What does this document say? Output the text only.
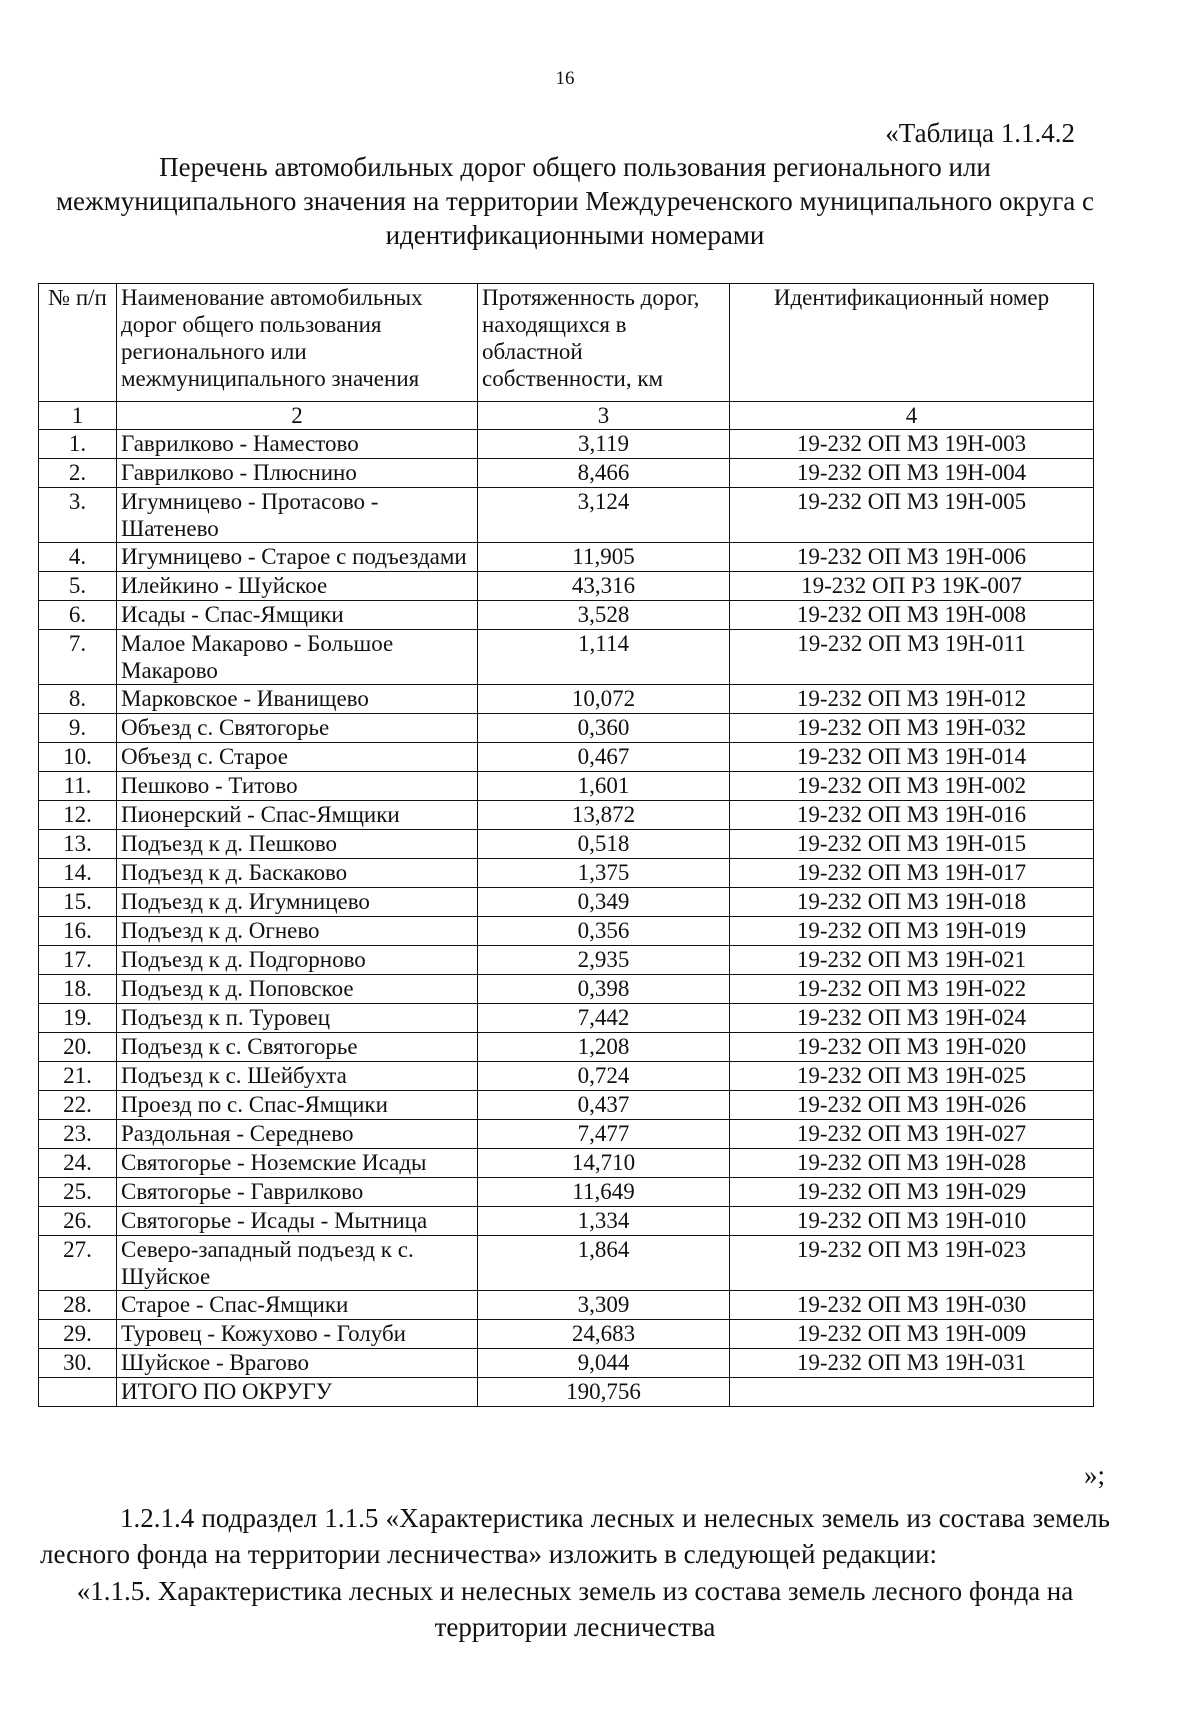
16
«Таблица 1.1.4.2
Перечень автомобильных дорог общего пользования регионального или межмуниципального значения на территории Междуреченского муниципального округа с идентификационными номерами
№ п/п	Наименование автомобильных дорог общего пользования регионального или межмуниципального значения	Протяженность дорог, находящихся в областной собственности, км	Идентификационный номер
1	2	3	4
1.	Гаврилково - Наместово	3,119	19-232 ОП МЗ 19Н-003
2.	Гаврилково - Плюснино	8,466	19-232 ОП МЗ 19Н-004
3.	Игумницево - Протасово - Шатенево	3,124	19-232 ОП МЗ 19Н-005
4.	Игумницево - Старое с подъездами	11,905	19-232 ОП МЗ 19Н-006
5.	Илейкино - Шуйское	43,316	19-232 ОП РЗ 19К-007
6.	Исады - Спас-Ямщики	3,528	19-232 ОП МЗ 19Н-008
7.	Малое Макарово - Большое Макарово	1,114	19-232 ОП МЗ 19Н-011
8.	Марковское - Иванищево	10,072	19-232 ОП МЗ 19Н-012
9.	Объезд с. Святогорье	0,360	19-232 ОП МЗ 19Н-032
10.	Объезд с. Старое	0,467	19-232 ОП МЗ 19Н-014
11.	Пешково - Титово	1,601	19-232 ОП МЗ 19Н-002
12.	Пионерский - Спас-Ямщики	13,872	19-232 ОП МЗ 19Н-016
13.	Подъезд к д. Пешково	0,518	19-232 ОП МЗ 19Н-015
14.	Подъезд к д. Баскаково	1,375	19-232 ОП МЗ 19Н-017
15.	Подъезд к д. Игумницево	0,349	19-232 ОП МЗ 19Н-018
16.	Подъезд к д. Огнево	0,356	19-232 ОП МЗ 19Н-019
17.	Подъезд к д. Подгорново	2,935	19-232 ОП МЗ 19Н-021
18.	Подъезд к д. Поповское	0,398	19-232 ОП МЗ 19Н-022
19.	Подъезд к п. Туровец	7,442	19-232 ОП МЗ 19Н-024
20.	Подъезд к с. Святогорье	1,208	19-232 ОП МЗ 19Н-020
21.	Подъезд к с. Шейбухта	0,724	19-232 ОП МЗ 19Н-025
22.	Проезд по с. Спас-Ямщики	0,437	19-232 ОП МЗ 19Н-026
23.	Раздольная - Середнево	7,477	19-232 ОП МЗ 19Н-027
24.	Святогорье - Ноземские Исады	14,710	19-232 ОП МЗ 19Н-028
25.	Святогорье - Гаврилково	11,649	19-232 ОП МЗ 19Н-029
26.	Святогорье - Исады - Мытница	1,334	19-232 ОП МЗ 19Н-010
27.	Северо-западный подъезд к с. Шуйское	1,864	19-232 ОП МЗ 19Н-023
28.	Старое - Спас-Ямщики	3,309	19-232 ОП МЗ 19Н-030
29.	Туровец - Кожухово - Голуби	24,683	19-232 ОП МЗ 19Н-009
30.	Шуйское - Врагово	9,044	19-232 ОП МЗ 19Н-031
	ИТОГО ПО ОКРУГУ	190,756	
»;
1.2.1.4 подраздел 1.1.5 «Характеристика лесных и нелесных земель из состава земель лесного фонда на территории лесничества» изложить в следующей редакции:
«1.1.5. Характеристика лесных и нелесных земель из состава земель лесного фонда на территории лесничества
